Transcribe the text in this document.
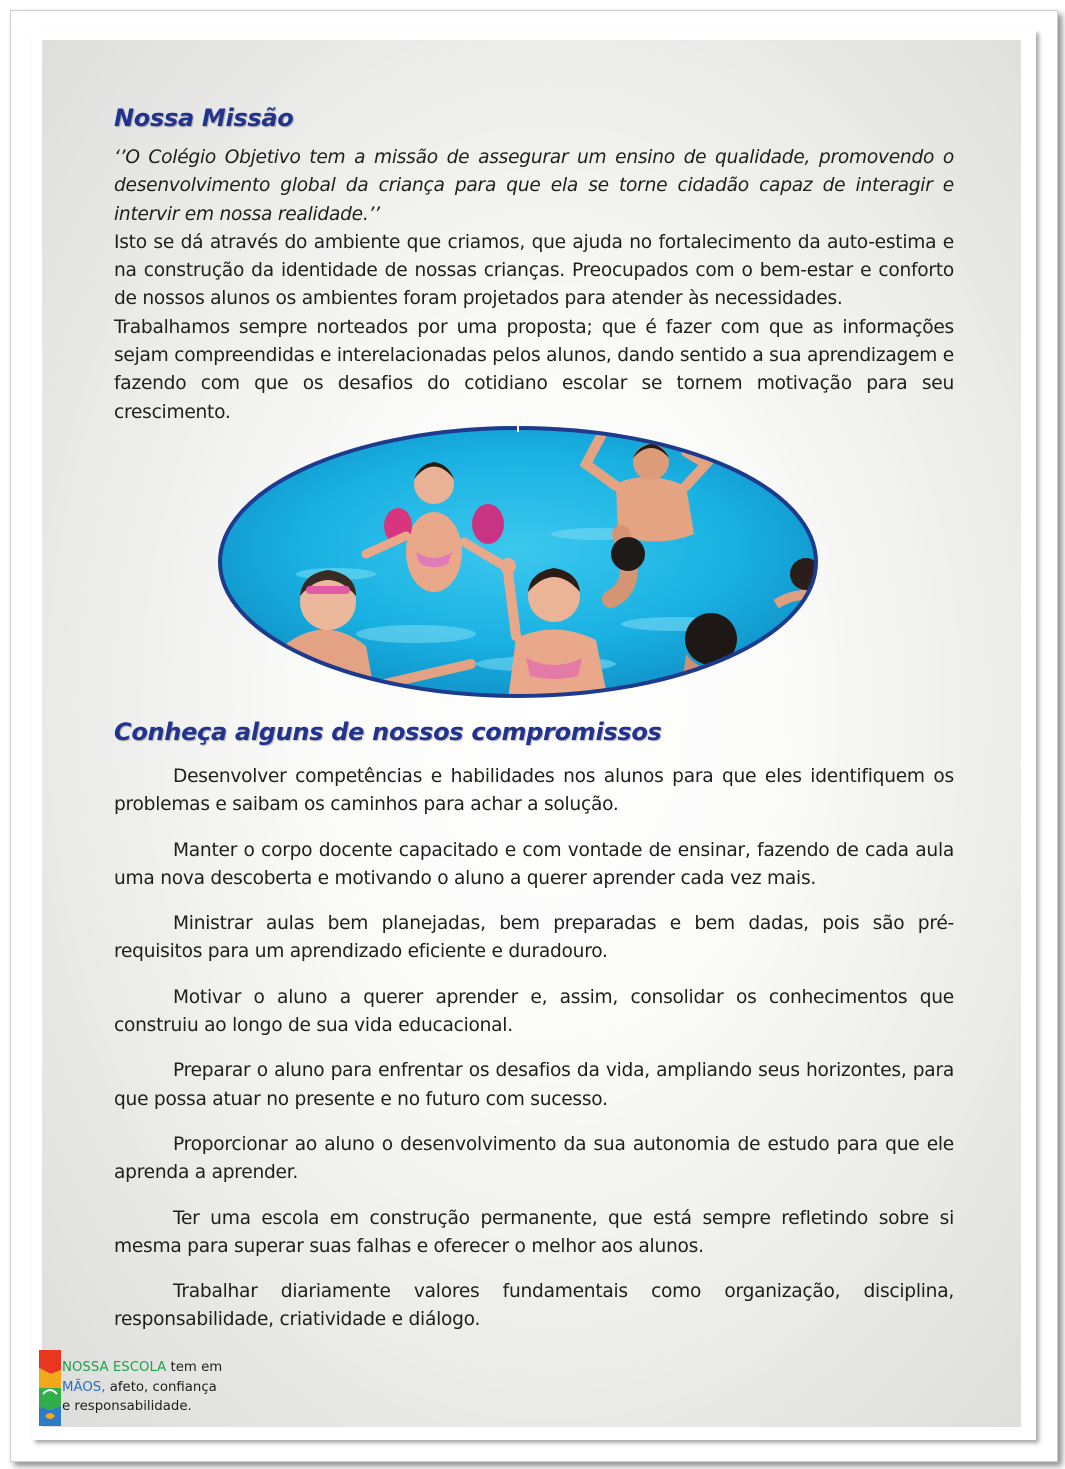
Nossa Missão

‘’O Colégio Objetivo tem a missão de assegurar um ensino de qualidade, promovendo o desenvolvimento global da criança para que ela se torne cidadão capaz de interagir e intervir em nossa realidade.’’

Isto se dá através do ambiente que criamos, que ajuda no fortalecimento da auto-estima e na construção da identidade de nossas crianças. Preocupados com o bem-estar e conforto de nossos alunos os ambientes foram projetados para atender às necessidades.

Trabalhamos sempre norteados por uma proposta; que é fazer com que as informações sejam compreendidas e interelacionadas pelos alunos, dando sentido a sua aprendizagem e fazendo com que os desafios do cotidiano escolar se tornem motivação para seu crescimento.

Conheça alguns de nossos compromissos

Desenvolver competências e habilidades nos alunos para que eles identifiquem os problemas e saibam os caminhos para achar a solução.

Manter o corpo docente capacitado e com vontade de ensinar, fazendo de cada aula uma nova descoberta e motivando o aluno a querer aprender cada vez mais.

Ministrar aulas bem planejadas, bem preparadas e bem dadas, pois são pré-requisitos para um aprendizado eficiente e duradouro.

Motivar o aluno a querer aprender e, assim, consolidar os conhecimentos que construiu ao longo de sua vida educacional.

Preparar o aluno para enfrentar os desafios da vida, ampliando seus horizontes, para que possa atuar no presente e no futuro com sucesso.

Proporcionar ao aluno o desenvolvimento da sua autonomia de estudo para que ele aprenda a aprender.

Ter uma escola em construção permanente, que está sempre refletindo sobre si mesma para superar suas falhas e oferecer o melhor aos alunos.

Trabalhar diariamente valores fundamentais como organização, disciplina, responsabilidade, criatividade e diálogo.

NOSSA ESCOLA tem em
MÃOS, afeto, confiança
e responsabilidade.
